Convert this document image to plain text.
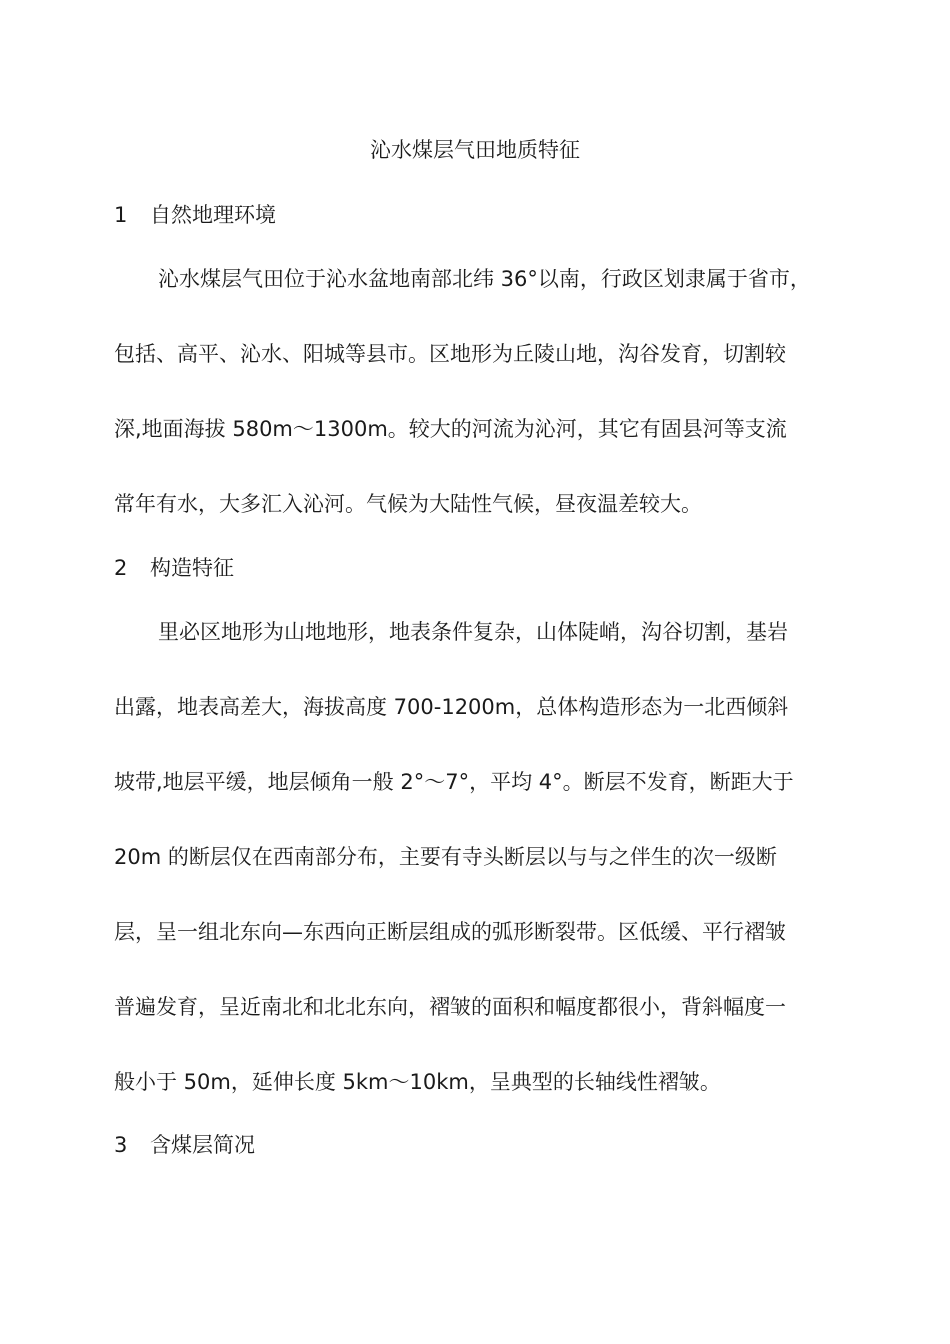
沁水煤层气田地质特征
1 自然地理环境
沁水煤层气田位于沁水盆地南部北纬 36°以南，行政区划隶属于省市，
包括、高平、沁水、阳城等县市。区地形为丘陵山地，沟谷发育，切割较
深,地面海拔 580m～1300m。较大的河流为沁河，其它有固县河等支流
常年有水，大多汇入沁河。气候为大陆性气候，昼夜温差较大。
2 构造特征
里必区地形为山地地形，地表条件复杂，山体陡峭，沟谷切割，基岩
出露，地表高差大，海拔高度 700-1200m，总体构造形态为一北西倾斜
坡带,地层平缓，地层倾角一般 2°～7°，平均 4°。断层不发育，断距大于
20m 的断层仅在西南部分布，主要有寺头断层以与与之伴生的次一级断
层，呈一组北东向—东西向正断层组成的弧形断裂带。区低缓、平行褶皱
普遍发育，呈近南北和北北东向，褶皱的面积和幅度都很小，背斜幅度一
般小于 50m，延伸长度 5km～10km，呈典型的长轴线性褶皱。
3 含煤层简况
